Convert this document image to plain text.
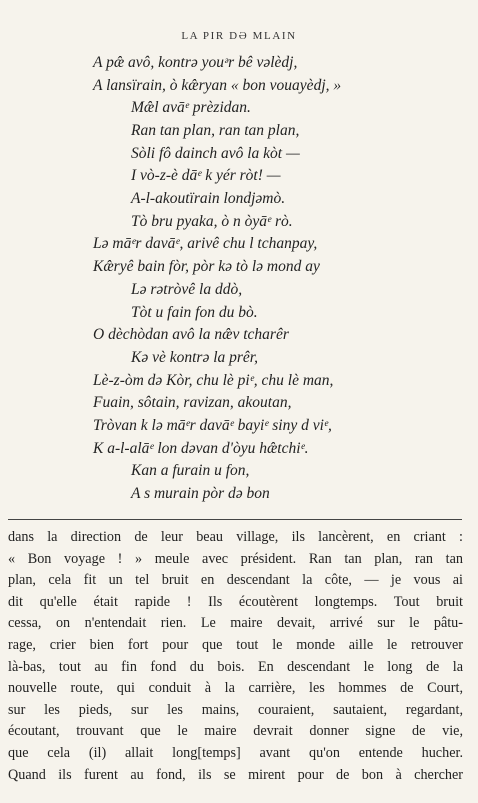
LA PIR DƏ MLAIN
A pæ̂ avô, kontrə youᵊr bê vəlèdj,
A lansïrain, ò kæ̂ryan « bon vouayèdj, »
Mæ̂l avāᵉ prèzidan.
Ran tan plan, ran tan plan,
Sòli fô dainch avô la kòt —
I vò-z-è dāᵉ k yér ròt! —
A-l-akoutïrain londjəmò.
Tò bru pyaka, ò n òyāᵉ rò.
Lə māᵉr davāᵉ, arivê chu l tchanpay,
Kæ̂ryê bain fòr, pòr kə tò lə mond ay
Lə rətròvê la ddò,
Tòt u fain fon du bò.
O dèchòdan avô la næ̂v tcharêr
Kə vè kontrə la prêr,
Lè-z-òm də Kòr, chu lè piᵉ, chu lè man,
Fuain, sôtain, ravizan, akoutan,
Tròvan k lə māᵉr davāᵉ bayiᵉ siny d viᵉ,
K a-l-alāᵉ lon dəvan d'òyu hæ̂tchiᵉ.
Kan a furain u fon,
A s murain pòr də bon
dans la direction de leur beau village, ils lancèrent, en criant :
« Bon voyage ! » meule avec président. Ran tan plan, ran tan
plan, cela fit un tel bruit en descendant la côte, — je vous ai
dit qu'elle était rapide ! Ils écoutèrent longtemps. Tout bruit
cessa, on n'entendait rien. Le maire devait, arrivé sur le pâtu-
rage, crier bien fort pour que tout le monde aille le retrouver
là-bas, tout au fin fond du bois. En descendant le long de la
nouvelle route, qui conduit à la carrière, les hommes de Court,
sur les pieds, sur les mains, couraient, sautaient, regardant,
écoutant, trouvant que le maire devrait donner signe de vie,
que cela (il) allait long[temps] avant qu'on entende hucher.
Quand ils furent au fond, ils se mirent pour de bon à chercher
